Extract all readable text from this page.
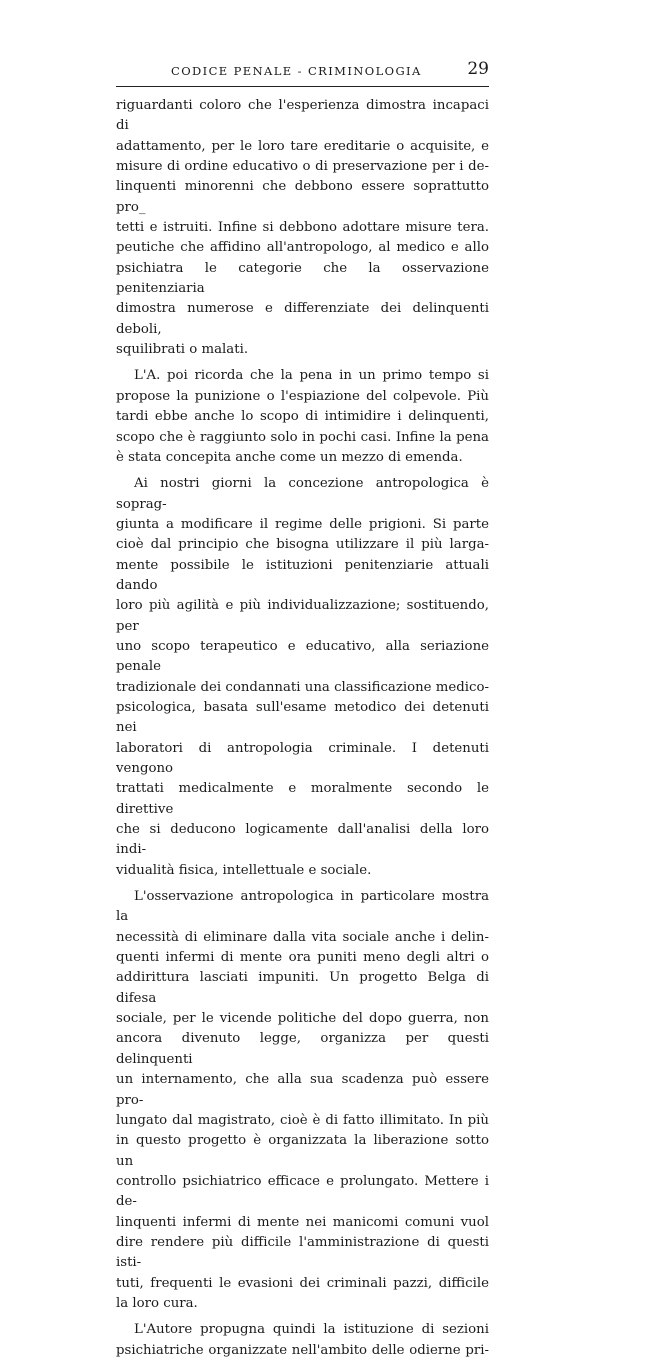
CODICE PENALE - CRIMINOLOGIA	29

riguardanti coloro che l'esperienza dimostra incapaci di

adattamento, per le loro tare ereditarie o acquisite, e

misure di ordine educativo o di preservazione per i de-

linquenti minorenni che debbono essere soprattutto pro_

tetti e istruiti. Infine si debbono adottare misure tera.

peutiche che affidino all'antropologo, al medico e allo

psichiatra le categorie che la osservazione penitenziaria

dimostra numerose e differenziate dei delinquenti deboli,

squilibrati o malati.

L'A. poi ricorda che la pena in un primo tempo si

propose la punizione o l'espiazione del colpevole. Più

tardi ebbe anche lo scopo di intimidire i delinquenti,

scopo che è raggiunto solo in pochi casi. Infine la pena

è stata concepita anche come un mezzo di emenda.

Ai nostri giorni la concezione antropologica è soprag-

giunta a modificare il regime delle prigioni. Si parte

cioè dal principio che bisogna utilizzare il più larga-

mente possibile le istituzioni penitenziarie attuali dando

loro più agilità e più individualizzazione; sostituendo, per

uno scopo terapeutico e educativo, alla seriazione penale

tradizionale dei condannati una classificazione medico-

psicologica, basata sull'esame metodico dei detenuti nei

laboratori di antropologia criminale. I detenuti vengono

trattati medicalmente e moralmente secondo le direttive

che si deducono logicamente dall'analisi della loro indi-

vidualità fisica, intellettuale e sociale.

L'osservazione antropologica in particolare mostra la

necessità di eliminare dalla vita sociale anche i delin-

quenti infermi di mente ora puniti meno degli altri o

addirittura lasciati impuniti. Un progetto Belga di difesa

sociale, per le vicende politiche del dopo guerra, non

ancora divenuto legge, organizza per questi delinquenti

un internamento, che alla sua scadenza può essere pro-

lungato dal magistrato, cioè è di fatto illimitato. In più

in questo progetto è organizzata la liberazione sotto un

controllo psichiatrico efficace e prolungato. Mettere i de-

linquenti infermi di mente nei manicomi comuni vuol

dire rendere più difficile l'amministrazione di questi isti-

tuti, frequenti le evasioni dei criminali pazzi, difficile

la loro cura.

L'Autore propugna quindi la istituzione di sezioni

psichiatriche organizzate nell'ambito delle odierne pri-
